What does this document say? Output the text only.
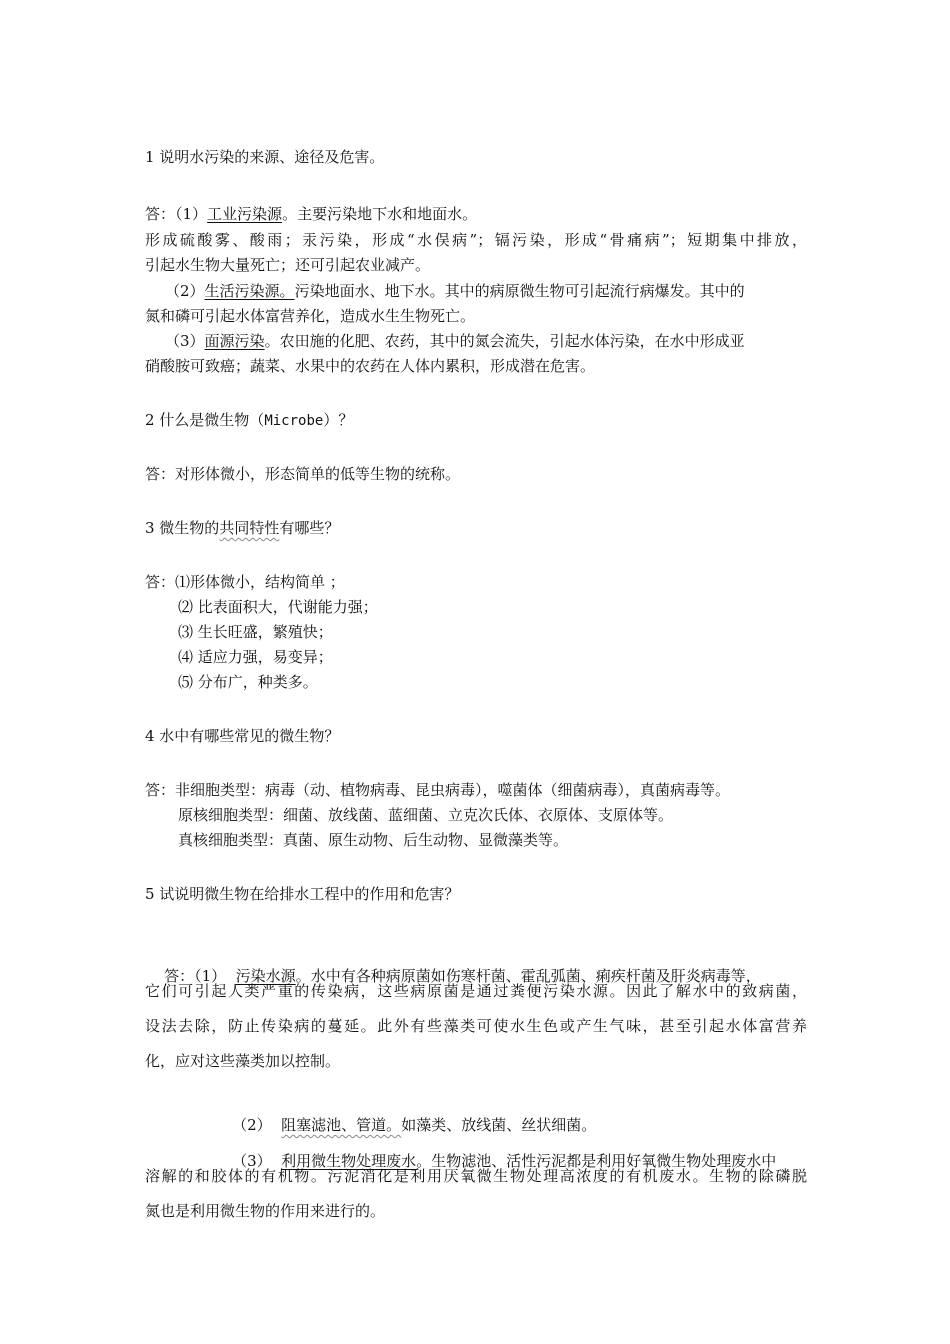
1 说明水污染的来源、途径及危害。
答：（1）工业污染源。主要污染地下水和地面水。
形成硫酸雾、酸雨；汞污染，形成“水俣病”；镉污染，形成“骨痛病”；短期集中排放，
引起水生物大量死亡；还可引起农业减产。
（2）生活污染源。污染地面水、地下水。其中的病原微生物可引起流行病爆发。其中的
氮和磷可引起水体富营养化，造成水生生物死亡。
（3）面源污染。农田施的化肥、农药，其中的氮会流失，引起水体污染，在水中形成亚
硝酸胺可致癌；蔬菜、水果中的农药在人体内累积，形成潜在危害。
2 什么是微生物（Microbe）？
答：对形体微小，形态简单的低等生物的统称。
3 微生物的共同特性有哪些？
答：⑴形体微小，结构简单 ；
⑵ 比表面积大，代谢能力强；
⑶ 生长旺盛，繁殖快；
⑷ 适应力强，易变异；
⑸ 分布广，种类多。
4 水中有哪些常见的微生物？
答：非细胞类型：病毒（动、植物病毒、昆虫病毒），噬菌体（细菌病毒），真菌病毒等。
原核细胞类型：细菌、放线菌、蓝细菌、立克次氏体、衣原体、支原体等。
真核细胞类型：真菌、原生动物、后生动物、显微藻类等。
5 试说明微生物在给排水工程中的作用和危害？

答：（1）  污染水源。水中有各种病原菌如伤寒杆菌、霍乱弧菌、痢疾杆菌及肝炎病毒等，

它们可引起人类严重的传染病，这些病原菌是通过粪便污染水源。因此了解水中的致病菌，
设法去除，防止传染病的蔓延。此外有些藻类可使水生色或产生气味，甚至引起水体富营养
化，应对这些藻类加以控制。

（2）  阻塞滤池、管道。如藻类、放线菌、丝状细菌。

（3）  利用微生物处理废水。生物滤池、活性污泥都是利用好氧微生物处理废水中

溶解的和胶体的有机物。污泥消化是利用厌氧微生物处理高浓度的有机废水。生物的除磷脱
氮也是利用微生物的作用来进行的。
